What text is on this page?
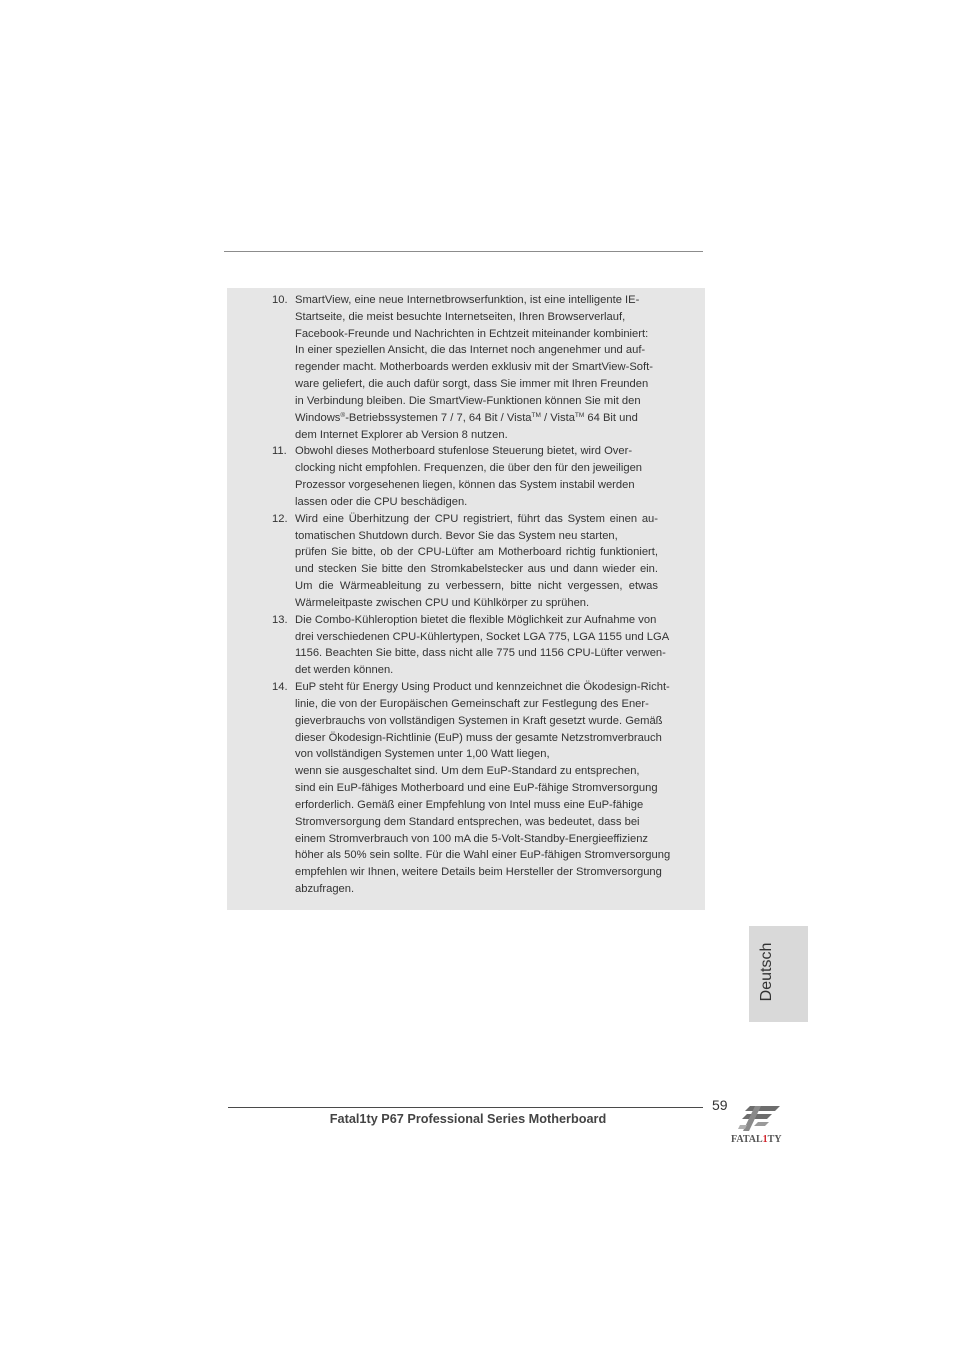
10. SmartView, eine neue Internetbrowserfunktion, ist eine intelligente IE-
Startseite, die meist besuchte Internetseiten, Ihren Browserverlauf,
Facebook-Freunde und Nachrichten in Echtzeit miteinander kombiniert:
In einer speziellen Ansicht, die das Internet noch angenehmer und auf-
regender macht. Motherboards werden exklusiv mit der SmartView-Soft-
ware geliefert, die auch dafür sorgt, dass Sie immer mit Ihren Freunden
in Verbindung bleiben. Die SmartView-Funktionen können Sie mit den
Windows®-Betriebssystemen 7 / 7, 64 Bit / Vista™ / Vista™ 64 Bit und
dem Internet Explorer ab Version 8 nutzen.
11. Obwohl dieses Motherboard stufenlose Steuerung bietet, wird Over-
clocking nicht empfohlen. Frequenzen, die über den für den jeweiligen
Prozessor vorgesehenen liegen, können das System instabil werden
lassen oder die CPU beschädigen.
12. Wird eine Überhitzung der CPU registriert, führt das System einen au-
tomatischen Shutdown durch. Bevor Sie das System neu starten,
prüfen Sie bitte, ob der CPU-Lüfter am Motherboard richtig funktioniert,
und stecken Sie bitte den Stromkabelstecker aus und dann wieder ein.
Um die Wärmeableitung zu verbessern, bitte nicht vergessen, etwas
Wärmeleitpaste zwischen CPU und Kühlkörper zu sprühen.
13. Die Combo-Kühleroption bietet die flexible Möglichkeit zur Aufnahme von
drei verschiedenen CPU-Kühlertypen, Socket LGA 775, LGA 1155 und LGA
1156. Beachten Sie bitte, dass nicht alle 775 und 1156 CPU-Lüfter verwen-
det werden können.
14. EuP steht für Energy Using Product und kennzeichnet die Ökodesign-Richt-
linie, die von der Europäischen Gemeinschaft zur Festlegung des Ener-
gieverbrauchs von vollständigen Systemen in Kraft gesetzt wurde. Gemäß
dieser Ökodesign-Richtlinie (EuP) muss der gesamte Netzstromverbrauch
von vollständigen Systemen unter 1,00 Watt liegen,
wenn sie ausgeschaltet sind. Um dem EuP-Standard zu entsprechen,
sind ein EuP-fähiges Motherboard und eine EuP-fähige Stromversorgung
erforderlich. Gemäß einer Empfehlung von Intel muss eine EuP-fähige
Stromversorgung dem Standard entsprechen, was bedeutet, dass bei
einem Stromverbrauch von 100 mA die 5-Volt-Standby-Energieeffizienz
höher als 50% sein sollte. Für die Wahl einer EuP-fähigen Stromversorgung
empfehlen wir Ihnen, weitere Details beim Hersteller der Stromversorgung
abzufragen.
Deutsch
59
Fatal1ty P67 Professional Series Motherboard
FATAL1TY
